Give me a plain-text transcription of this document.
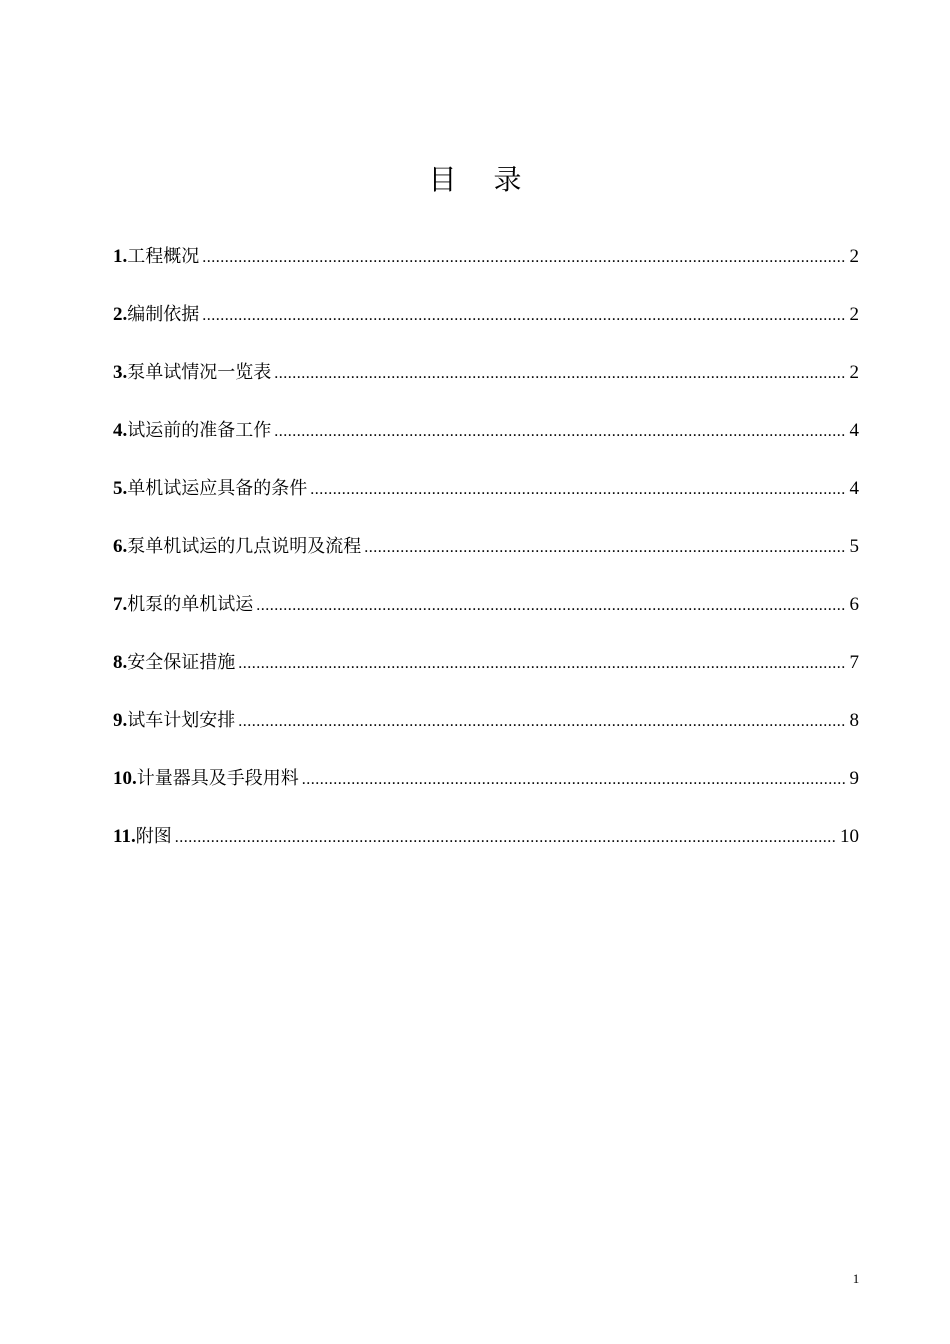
目 录
1. 工程概况 .....	2
2. 编制依据 .....	2
3. 泵单试情况一览表 .....	2
4. 试运前的准备工作 .....	4
5. 单机试运应具备的条件 .....	4
6. 泵单机试运的几点说明及流程 .....	5
7. 机泵的单机试运 .....	6
8. 安全保证措施 .....	7
9. 试车计划安排 .....	8
10. 计量器具及手段用料 .....	9
11. 附图 .....	10
1
